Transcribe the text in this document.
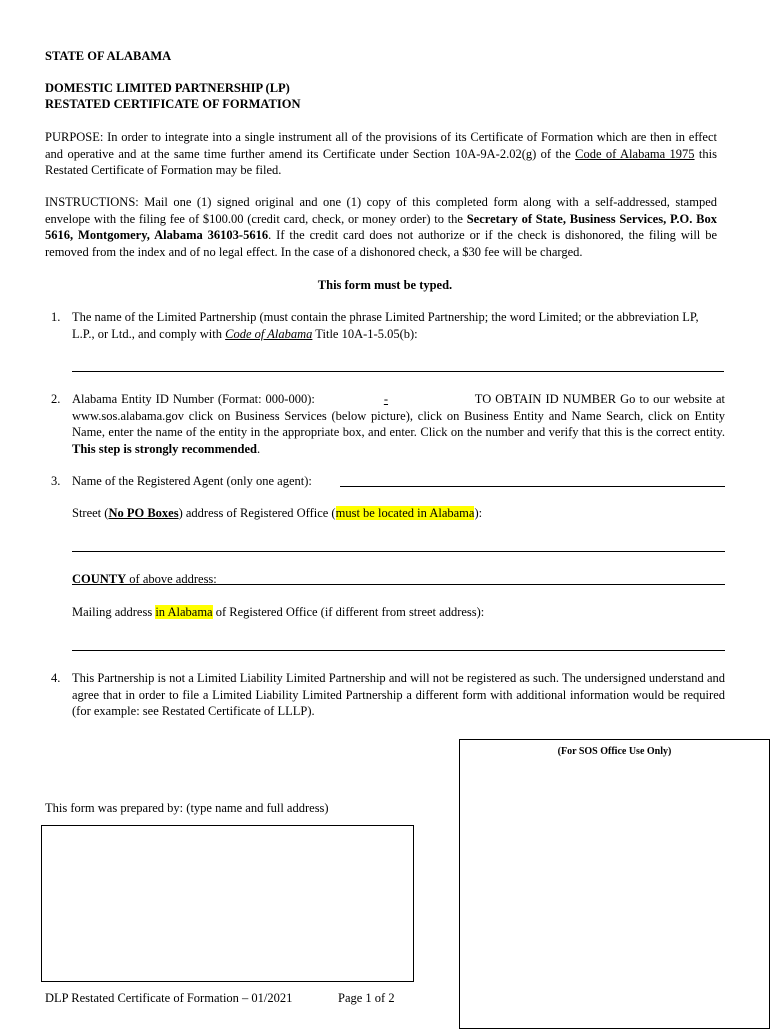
STATE OF ALABAMA
DOMESTIC LIMITED PARTNERSHIP (LP)
RESTATED CERTIFICATE OF FORMATION
PURPOSE: In order to integrate into a single instrument all of the provisions of its Certificate of Formation which are then in effect and operative and at the same time further amend its Certificate under Section 10A-9A-2.02(g) of the Code of Alabama 1975 this Restated Certificate of Formation may be filed.
INSTRUCTIONS: Mail one (1) signed original and one (1) copy of this completed form along with a self-addressed, stamped envelope with the filing fee of $100.00 (credit card, check, or money order) to the Secretary of State, Business Services, P.O. Box 5616, Montgomery, Alabama 36103-5616. If the credit card does not authorize or if the check is dishonored, the filing will be removed from the index and of no legal effect. In the case of a dishonored check, a $30 fee will be charged.
This form must be typed.
1. The name of the Limited Partnership (must contain the phrase Limited Partnership; the word Limited; or the abbreviation LP, L.P., or Ltd., and comply with Code of Alabama Title 10A-1-5.05(b):
2. Alabama Entity ID Number (Format: 000-000):	-	TO OBTAIN ID NUMBER Go to our website at www.sos.alabama.gov click on Business Services (below picture), click on Business Entity and Name Search, click on Entity Name, enter the name of the entity in the appropriate box, and enter. Click on the number and verify that this is the correct entity. This step is strongly recommended.
3. Name of the Registered Agent (only one agent):
Street (No PO Boxes) address of Registered Office (must be located in Alabama):
COUNTY of above address:
Mailing address in Alabama of Registered Office (if different from street address):
4. This Partnership is not a Limited Liability Limited Partnership and will not be registered as such. The undersigned understand and agree that in order to file a Limited Liability Limited Partnership a different form with additional information would be required (for example: see Restated Certificate of LLLP).
(For SOS Office Use Only)
This form was prepared by: (type name and full address)
DLP Restated Certificate of Formation – 01/2021	Page 1 of 2
